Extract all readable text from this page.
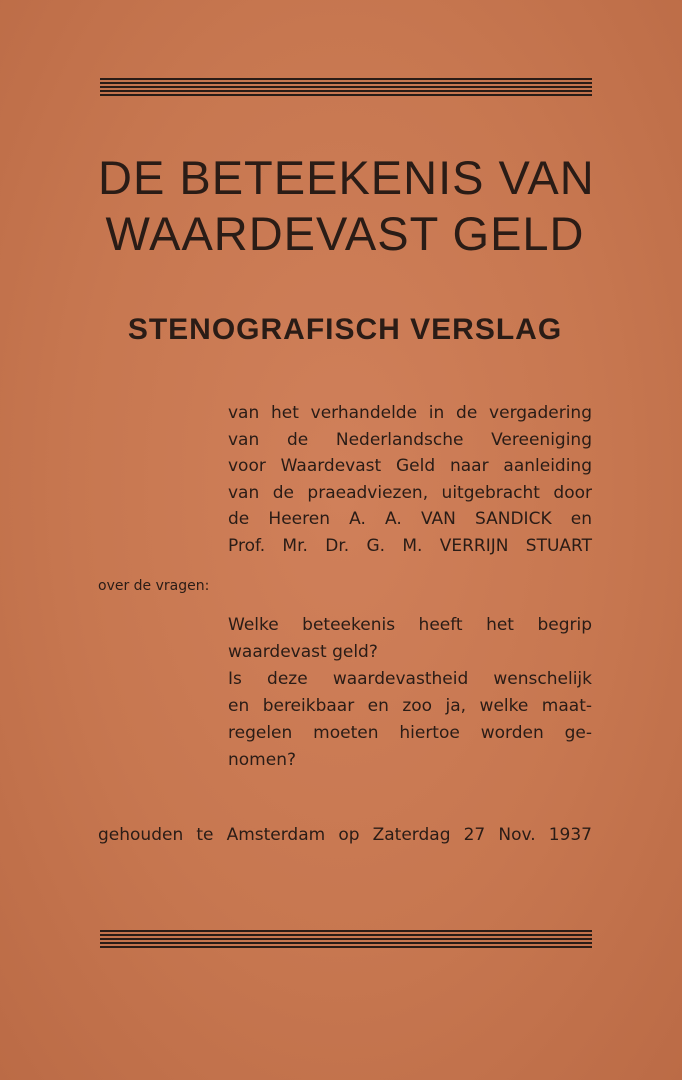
DE BETEEKENIS VAN
WAARDEVAST GELD
STENOGRAFISCH VERSLAG
van het verhandelde in de vergadering
van de Nederlandsche Vereeniging
voor Waardevast Geld naar aanleiding
van de praeadviezen, uitgebracht door
de Heeren A. A. VAN SANDICK en
Prof. Mr. Dr. G. M. VERRIJN STUART
over de vragen:
Welke beteekenis heeft het begrip
waardevast geld?
Is deze waardevastheid wenschelijk
en bereikbaar en zoo ja, welke maat-
regelen moeten hiertoe worden ge-
nomen?
gehouden te Amsterdam op Zaterdag 27 Nov. 1937
